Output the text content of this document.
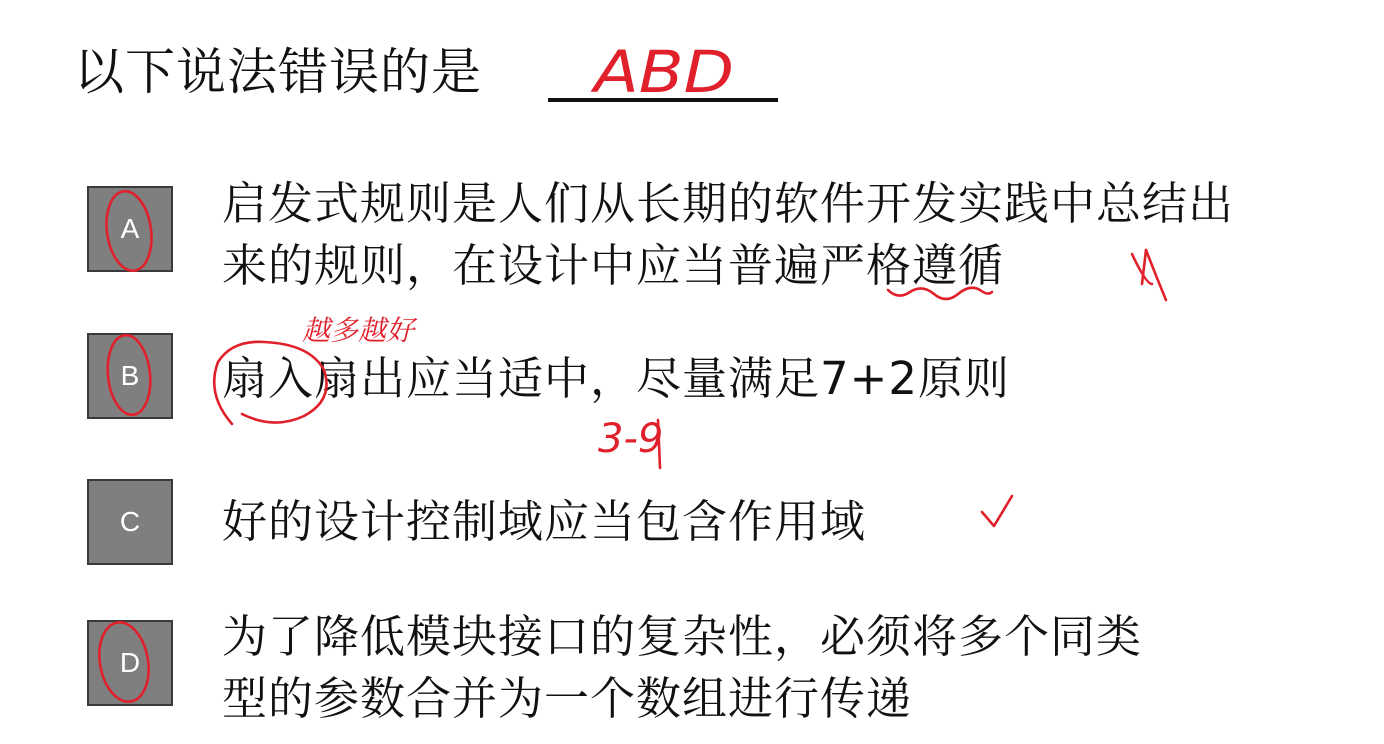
以下说法错误的是
A	启发式规则是人们从长期的软件开发实践中总结出
来的规则，在设计中应当普遍严格遵循
B	扇入扇出应当适中，尽量满足7+2原则
C	好的设计控制域应当包含作用域
D	为了降低模块接口的复杂性，必须将多个同类
型的参数合并为一个数组进行传递
ABD
越多越好
3-9
